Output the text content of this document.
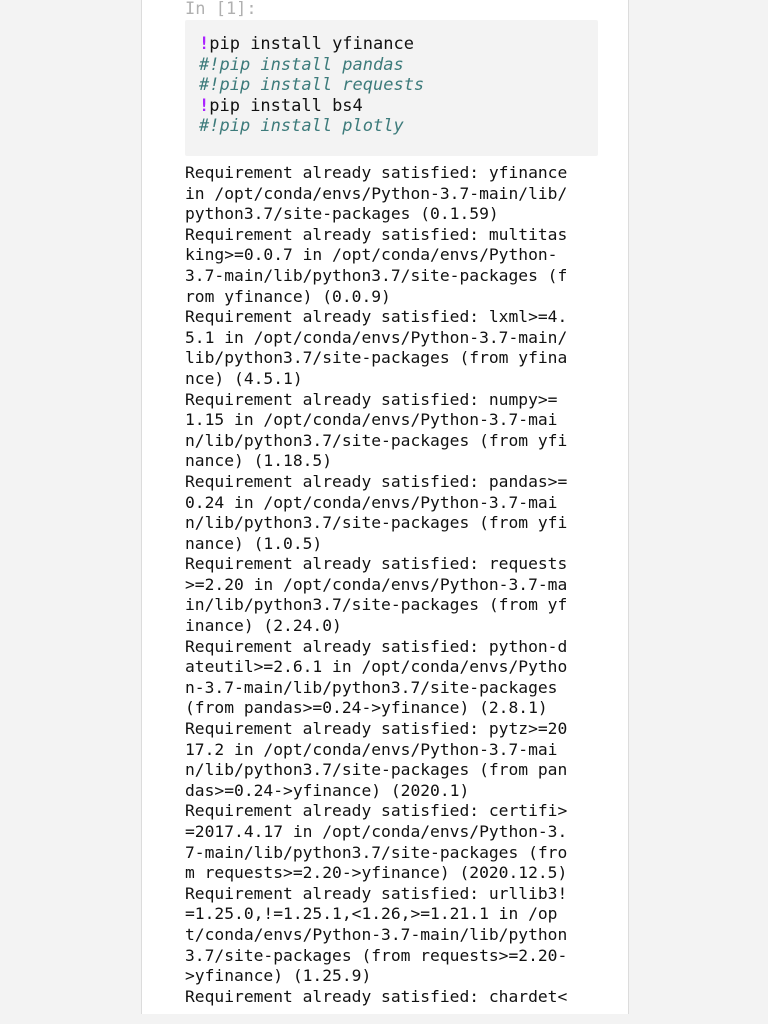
In [1]:
!pip install yfinance
#!pip install pandas
#!pip install requests
!pip install bs4
#!pip install plotly
Requirement already satisfied: yfinance
in /opt/conda/envs/Python-3.7-main/lib/
python3.7/site-packages (0.1.59)
Requirement already satisfied: multitas
king>=0.0.7 in /opt/conda/envs/Python-
3.7-main/lib/python3.7/site-packages (f
rom yfinance) (0.0.9)
Requirement already satisfied: lxml>=4.
5.1 in /opt/conda/envs/Python-3.7-main/
lib/python3.7/site-packages (from yfina
nce) (4.5.1)
Requirement already satisfied: numpy>=
1.15 in /opt/conda/envs/Python-3.7-mai
n/lib/python3.7/site-packages (from yfi
nance) (1.18.5)
Requirement already satisfied: pandas>=
0.24 in /opt/conda/envs/Python-3.7-mai
n/lib/python3.7/site-packages (from yfi
nance) (1.0.5)
Requirement already satisfied: requests
>=2.20 in /opt/conda/envs/Python-3.7-ma
in/lib/python3.7/site-packages (from yf
inance) (2.24.0)
Requirement already satisfied: python-d
ateutil>=2.6.1 in /opt/conda/envs/Pytho
n-3.7-main/lib/python3.7/site-packages
(from pandas>=0.24->yfinance) (2.8.1)
Requirement already satisfied: pytz>=20
17.2 in /opt/conda/envs/Python-3.7-mai
n/lib/python3.7/site-packages (from pan
das>=0.24->yfinance) (2020.1)
Requirement already satisfied: certifi>
=2017.4.17 in /opt/conda/envs/Python-3.
7-main/lib/python3.7/site-packages (fro
m requests>=2.20->yfinance) (2020.12.5)
Requirement already satisfied: urllib3!
=1.25.0,!=1.25.1,<1.26,>=1.21.1 in /op
t/conda/envs/Python-3.7-main/lib/python
3.7/site-packages (from requests>=2.20-
>yfinance) (1.25.9)
Requirement already satisfied: chardet<
